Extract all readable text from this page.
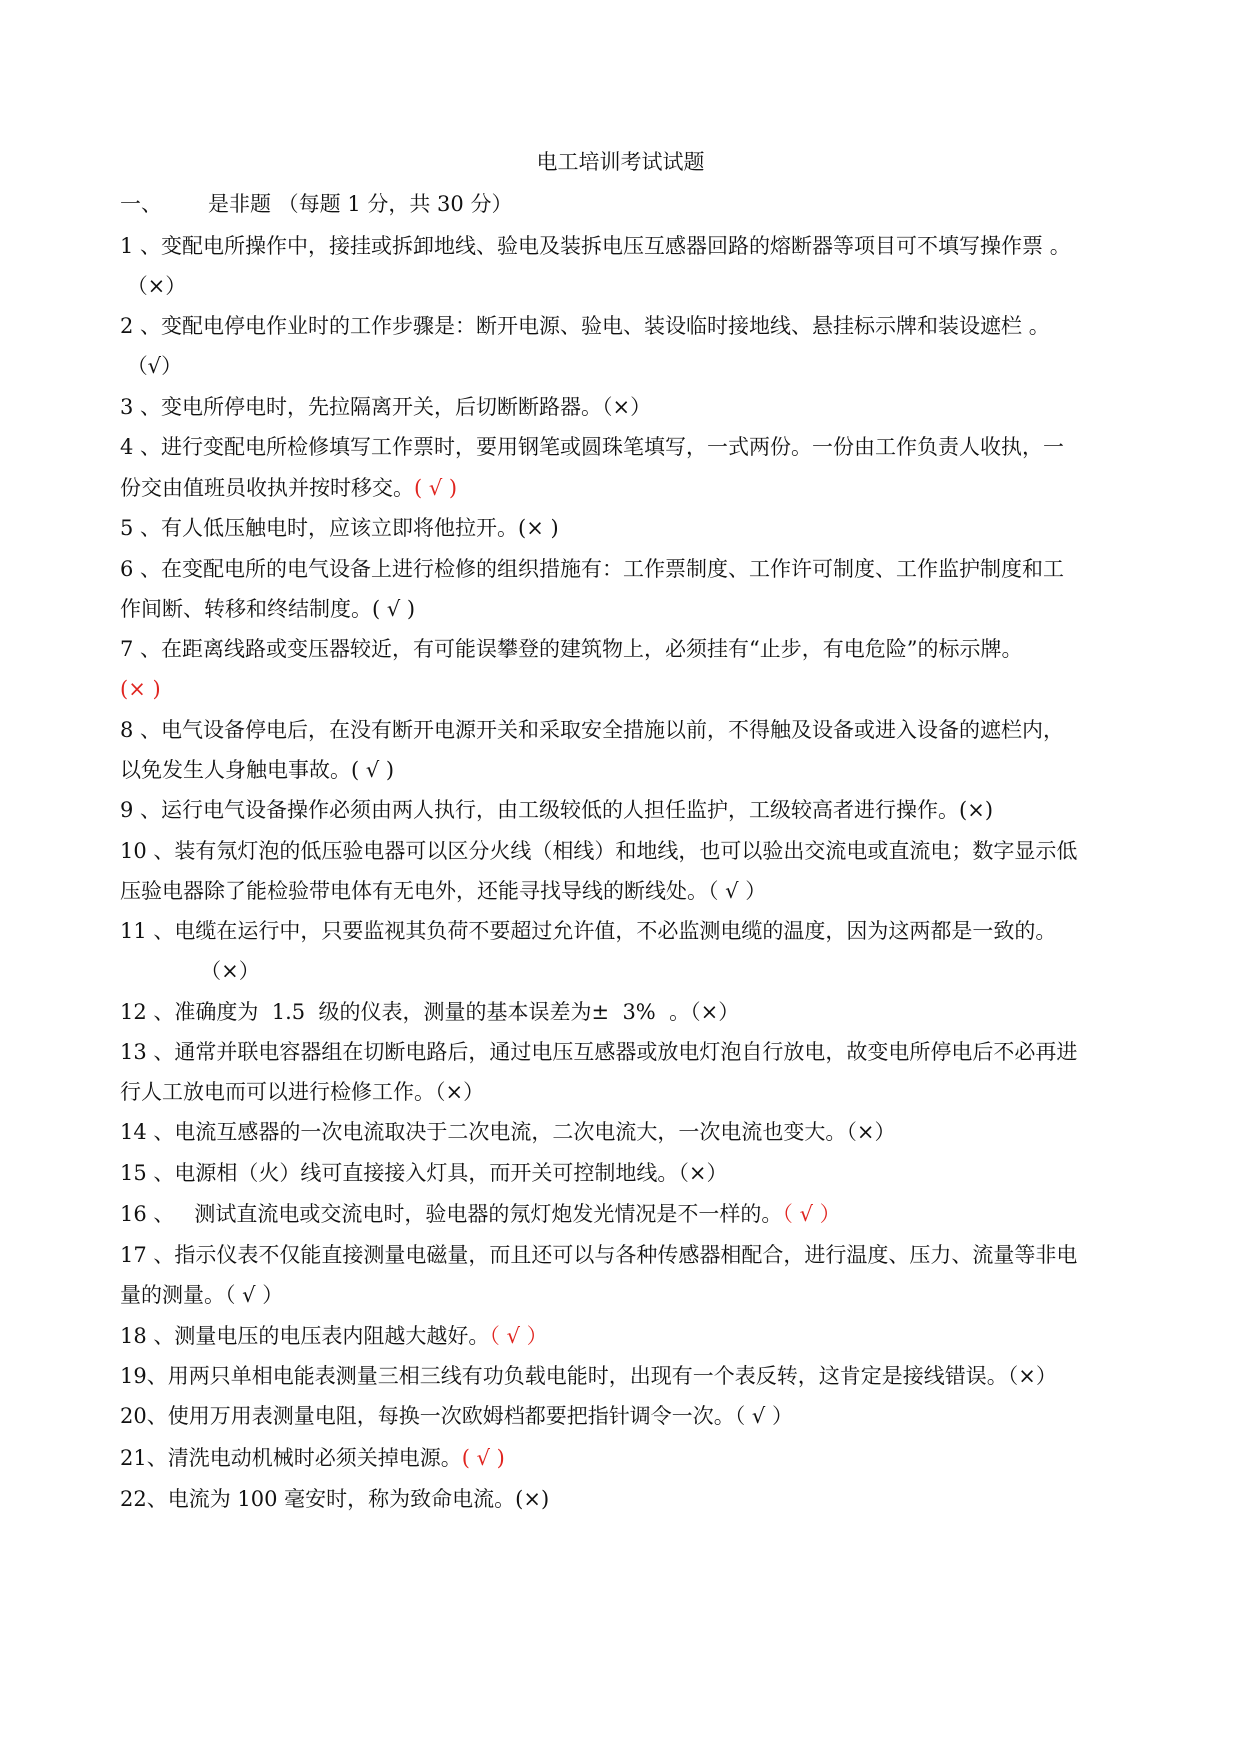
电工培训考试试题
一、 是非题 （每题 1 分，共 30 分）
1 、变配电所操作中，接挂或拆卸地线、验电及装拆电压互感器回路的熔断器等项目可不填写操作票 。
（×）
2 、变配电停电作业时的工作步骤是：断开电源、验电、装设临时接地线、悬挂标示牌和装设遮栏 。
（√）
3 、变电所停电时，先拉隔离开关，后切断断路器。（×）
4 、进行变配电所检修填写工作票时，要用钢笔或圆珠笔填写，一式两份。一份由工作负责人收执，一
份交由值班员收执并按时移交。( √ )
5 、有人低压触电时，应该立即将他拉开。(× )
6 、在变配电所的电气设备上进行检修的组织措施有：工作票制度、工作许可制度、工作监护制度和工
作间断、转移和终结制度。( √ )
7 、在距离线路或变压器较近，有可能误攀登的建筑物上，必须挂有“止步，有电危险”的标示牌。
(× )
8 、电气设备停电后，在没有断开电源开关和采取安全措施以前，不得触及设备或进入设备的遮栏内，
以免发生人身触电事故。( √ )
9 、运行电气设备操作必须由两人执行，由工级较低的人担任监护，工级较高者进行操作。(×)
10 、装有氖灯泡的低压验电器可以区分火线（相线）和地线，也可以验出交流电或直流电；数字显示低
压验电器除了能检验带电体有无电外，还能寻找导线的断线处。（ √ ）
11 、电缆在运行中，只要监视其负荷不要超过允许值，不必监测电缆的温度，因为这两都是一致的。
（×）
12 、准确度为  1.5  级的仪表，测量的基本误差为±  3%  。（×）
13 、通常并联电容器组在切断电路后，通过电压互感器或放电灯泡自行放电，故变电所停电后不必再进
行人工放电而可以进行检修工作。（×）
14 、电流互感器的一次电流取决于二次电流，二次电流大，一次电流也变大。（×）
15 、电源相（火）线可直接接入灯具，而开关可控制地线。（×）
16 、   测试直流电或交流电时，验电器的氖灯炮发光情况是不一样的。（ √ ）
17 、指示仪表不仅能直接测量电磁量，而且还可以与各种传感器相配合，进行温度、压力、流量等非电
量的测量。（ √ ）
18 、测量电压的电压表内阻越大越好。（ √ ）
19、用两只单相电能表测量三相三线有功负载电能时，出现有一个表反转，这肯定是接线错误。（×）
20、使用万用表测量电阻，每换一次欧姆档都要把指针调令一次。（ √ ）
21、清洗电动机械时必须关掉电源。( √ )
22、电流为 100 毫安时，称为致命电流。(×)
